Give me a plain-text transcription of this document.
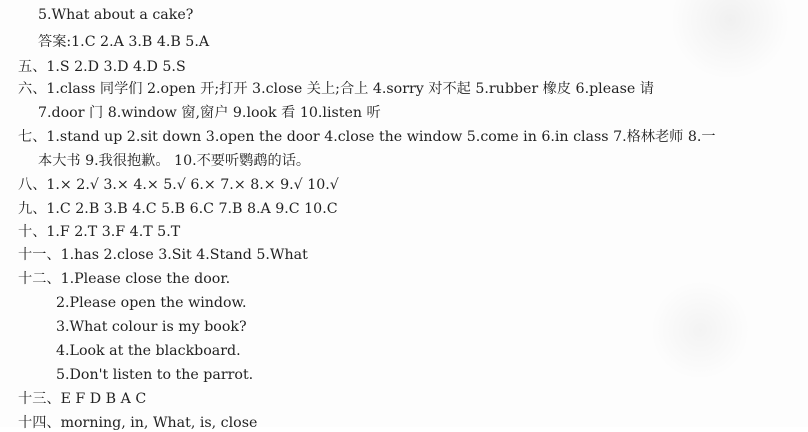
5.What about a cake?
答案:1.C 2.A 3.B 4.B 5.A
五、1.S 2.D 3.D 4.D 5.S
六、1.class 同学们 2.open 开;打开 3.close 关上;合上 4.sorry 对不起 5.rubber 橡皮 6.please 请
7.door 门 8.window 窗,窗户 9.look 看 10.listen 听
七、1.stand up 2.sit down 3.open the door 4.close the window 5.come in 6.in class 7.格林老师 8.一
本大书 9.我很抱歉。 10.不要听鹦鹉的话。
八、1.× 2.√ 3.× 4.× 5.√ 6.× 7.× 8.× 9.√ 10.√
九、1.C 2.B 3.B 4.C 5.B 6.C 7.B 8.A 9.C 10.C
十、1.F 2.T 3.F 4.T 5.T
十一、1.has 2.close 3.Sit 4.Stand 5.What
十二、1.Please close the door.
2.Please open the window.
3.What colour is my book?
4.Look at the blackboard.
5.Don't listen to the parrot.
十三、E F D B A C
十四、morning, in, What, is, close
